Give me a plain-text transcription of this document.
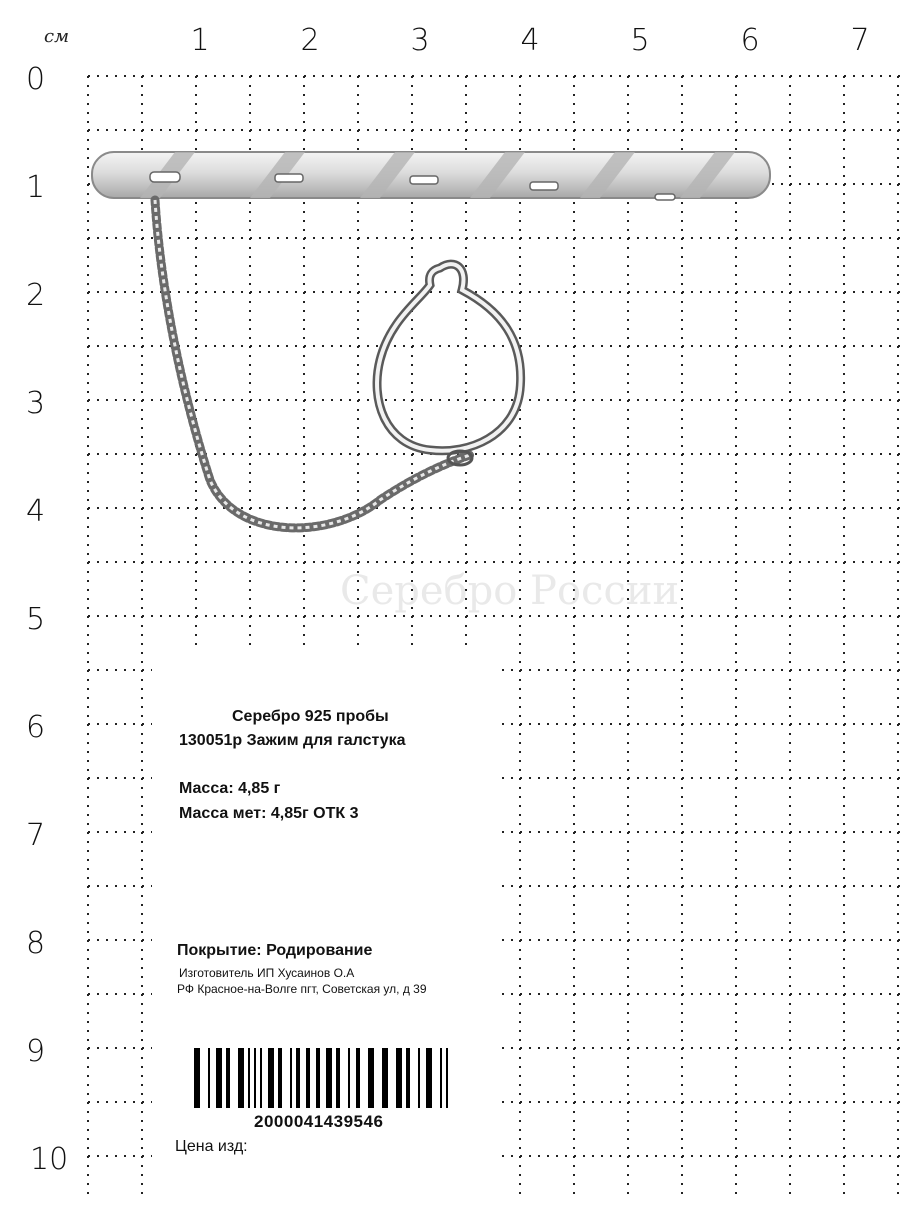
см	1	2	3	4	5	6	7
0
1
2
3
4
5
6
7
8
9
10
Серебро России
Серебро 925 пробы
130051р Зажим для галстука
Масса: 4,85 г
Масса мет: 4,85г ОТК 3
Покрытие: Родирование
Изготовитель ИП Хусаинов О.А
РФ Красное-на-Волге пгт, Советская ул, д 39
2000041439546
Цена изд:
